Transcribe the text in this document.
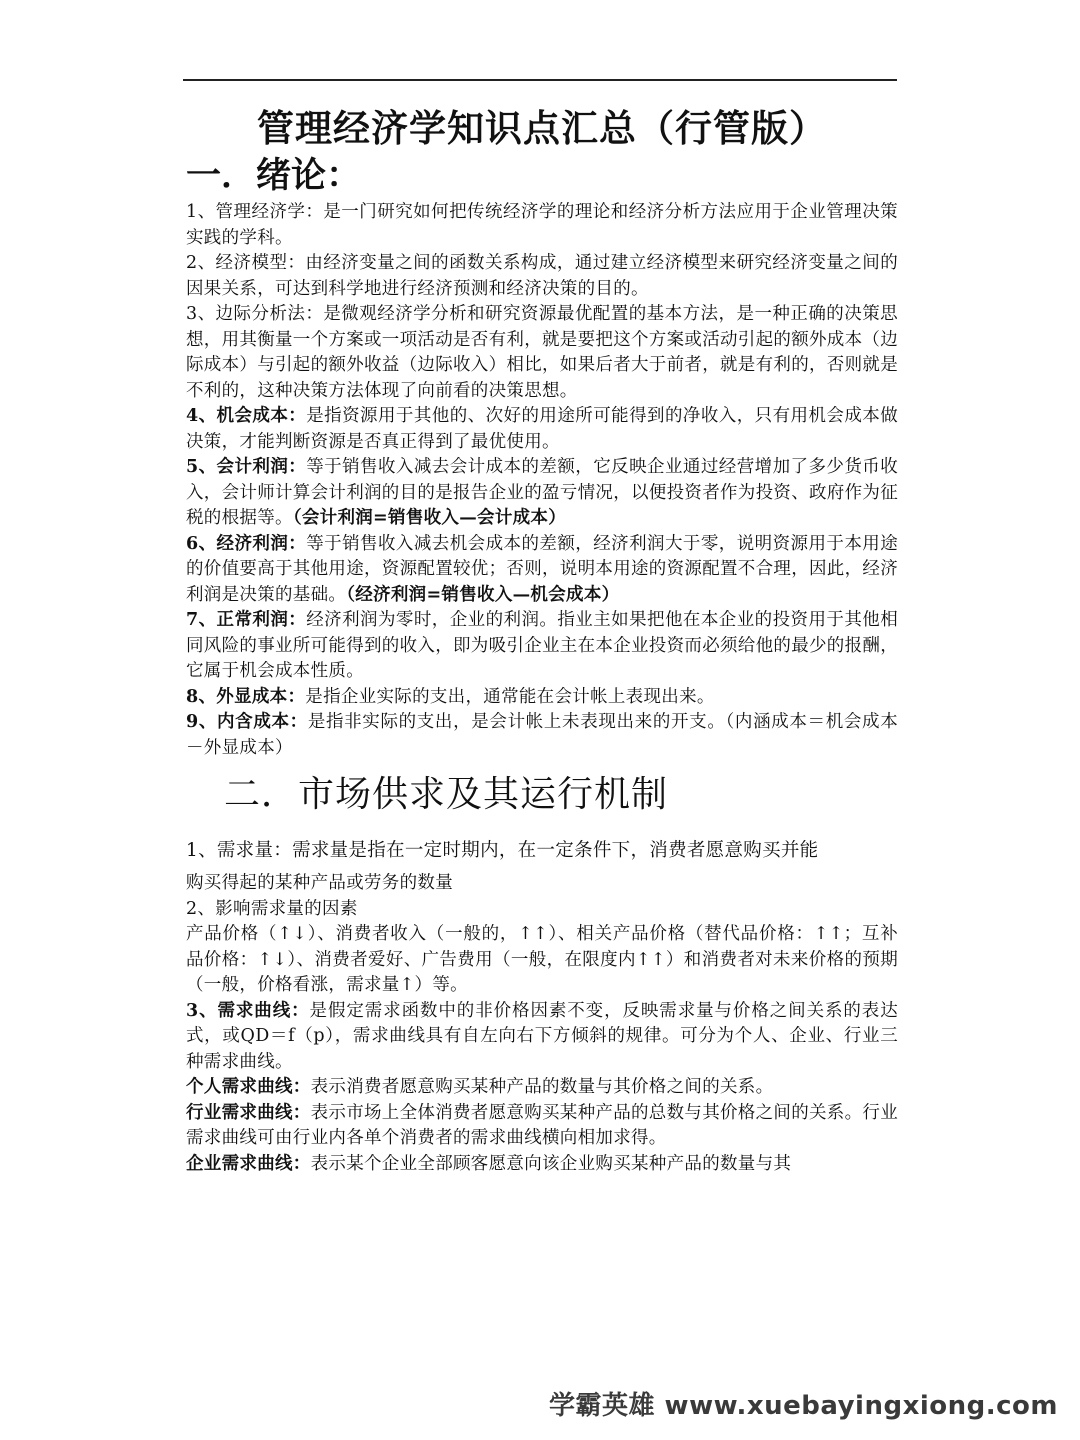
管理经济学知识点汇总（行管版）
一．绪论：

1、管理经济学：是一门研究如何把传统经济学的理论和经济分析方法应用于企业管理决策实践的学科。

2、经济模型：由经济变量之间的函数关系构成，通过建立经济模型来研究经济变量之间的因果关系，可达到科学地进行经济预测和经济决策的目的。

3、边际分析法：是微观经济学分析和研究资源最优配置的基本方法，是一种正确的决策思想，用其衡量一个方案或一项活动是否有利，就是要把这个方案或活动引起的额外成本（边际成本）与引起的额外收益（边际收入）相比，如果后者大于前者，就是有利的，否则就是不利的，这种决策方法体现了向前看的决策思想。

4、机会成本：是指资源用于其他的、次好的用途所可能得到的净收入，只有用机会成本做决策，才能判断资源是否真正得到了最优使用。

5、会计利润：等于销售收入减去会计成本的差额，它反映企业通过经营增加了多少货币收入，会计师计算会计利润的目的是报告企业的盈亏情况，以便投资者作为投资、政府作为征税的根据等。（会计利润=销售收入—会计成本）

6、经济利润：等于销售收入减去机会成本的差额，经济利润大于零，说明资源用于本用途的价值要高于其他用途，资源配置较优；否则，说明本用途的资源配置不合理，因此，经济利润是决策的基础。（经济利润=销售收入—机会成本）

7、正常利润：经济利润为零时，企业的利润。指业主如果把他在本企业的投资用于其他相同风险的事业所可能得到的收入，即为吸引企业主在本企业投资而必须给他的最少的报酬，它属于机会成本性质。

8、外显成本：是指企业实际的支出，通常能在会计帐上表现出来。

9、内含成本：是指非实际的支出，是会计帐上未表现出来的开支。（内涵成本＝机会成本－外显成本）

二．市场供求及其运行机制

1、需求量：需求量是指在一定时期内，在一定条件下，消费者愿意购买并能

购买得起的某种产品或劳务的数量

2、影响需求量的因素

产品价格（↑↓）、消费者收入（一般的，↑↑）、相关产品价格（替代品价格：↑↑；互补品价格：↑↓）、消费者爱好、广告费用（一般，在限度内↑↑）和消费者对未来价格的预期（一般，价格看涨，需求量↑）等。

3、需求曲线：是假定需求函数中的非价格因素不变，反映需求量与价格之间关系的表达式，或QD＝f（p），需求曲线具有自左向右下方倾斜的规律。可分为个人、企业、行业三种需求曲线。

个人需求曲线：表示消费者愿意购买某种产品的数量与其价格之间的关系。

行业需求曲线：表示市场上全体消费者愿意购买某种产品的总数与其价格之间的关系。行业需求曲线可由行业内各单个消费者的需求曲线横向相加求得。

企业需求曲线：表示某个企业全部顾客愿意向该企业购买某种产品的数量与其

学霸英雄 www.xuebayingxiong.com
